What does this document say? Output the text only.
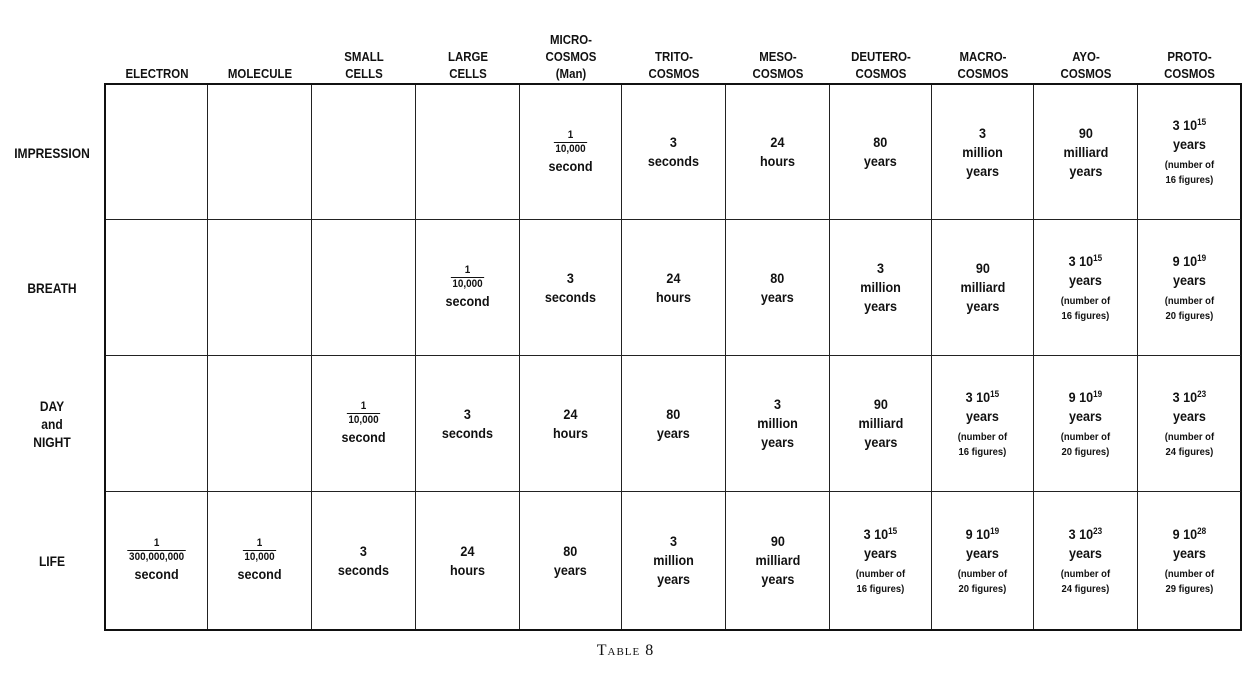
ELECTRON	MOLECULE
SMALL
CELLS
LARGE
CELLS
MICRO-
COSMOS
(Man)
TRITO-
COSMOS
MESO-
COSMOS
DEUTERO-
COSMOS
MACRO-
COSMOS
AYO-
COSMOS
PROTO-
COSMOS
IMPRESSION
BREATH
DAY
and
NIGHT
LIFE
$\frac{1}{10,000}$
second
3
seconds
24
hours
80
years
3
million
years
90
milliard
years
3 $10^{15}$
years
(number of
16 figures)
$\frac{1}{10,000}$
second
3
seconds
24
hours
80
years
3
million
years
90
milliard
years
3 $10^{15}$
years
(number of
16 figures)
9 $10^{19}$
years
(number of
20 figures)
$\frac{1}{10,000}$
second
3
seconds
24
hours
80
years
3
million
years
90
milliard
years
3 $10^{15}$
years
(number of
16 figures)
9 $10^{19}$
years
(number of
20 figures)
3 $10^{23}$
years
(number of
24 figures)
$\frac{1}{300,000,000}$
second
$\frac{1}{10,000}$
second
3
seconds
24
hours
80
years
3
million
years
90
milliard
years
3 $10^{15}$
years
(number of
16 figures)
9 $10^{19}$
years
(number of
20 figures)
3 $10^{23}$
years
(number of
24 figures)
9 $10^{28}$
years
(number of
29 figures)
Table 8
